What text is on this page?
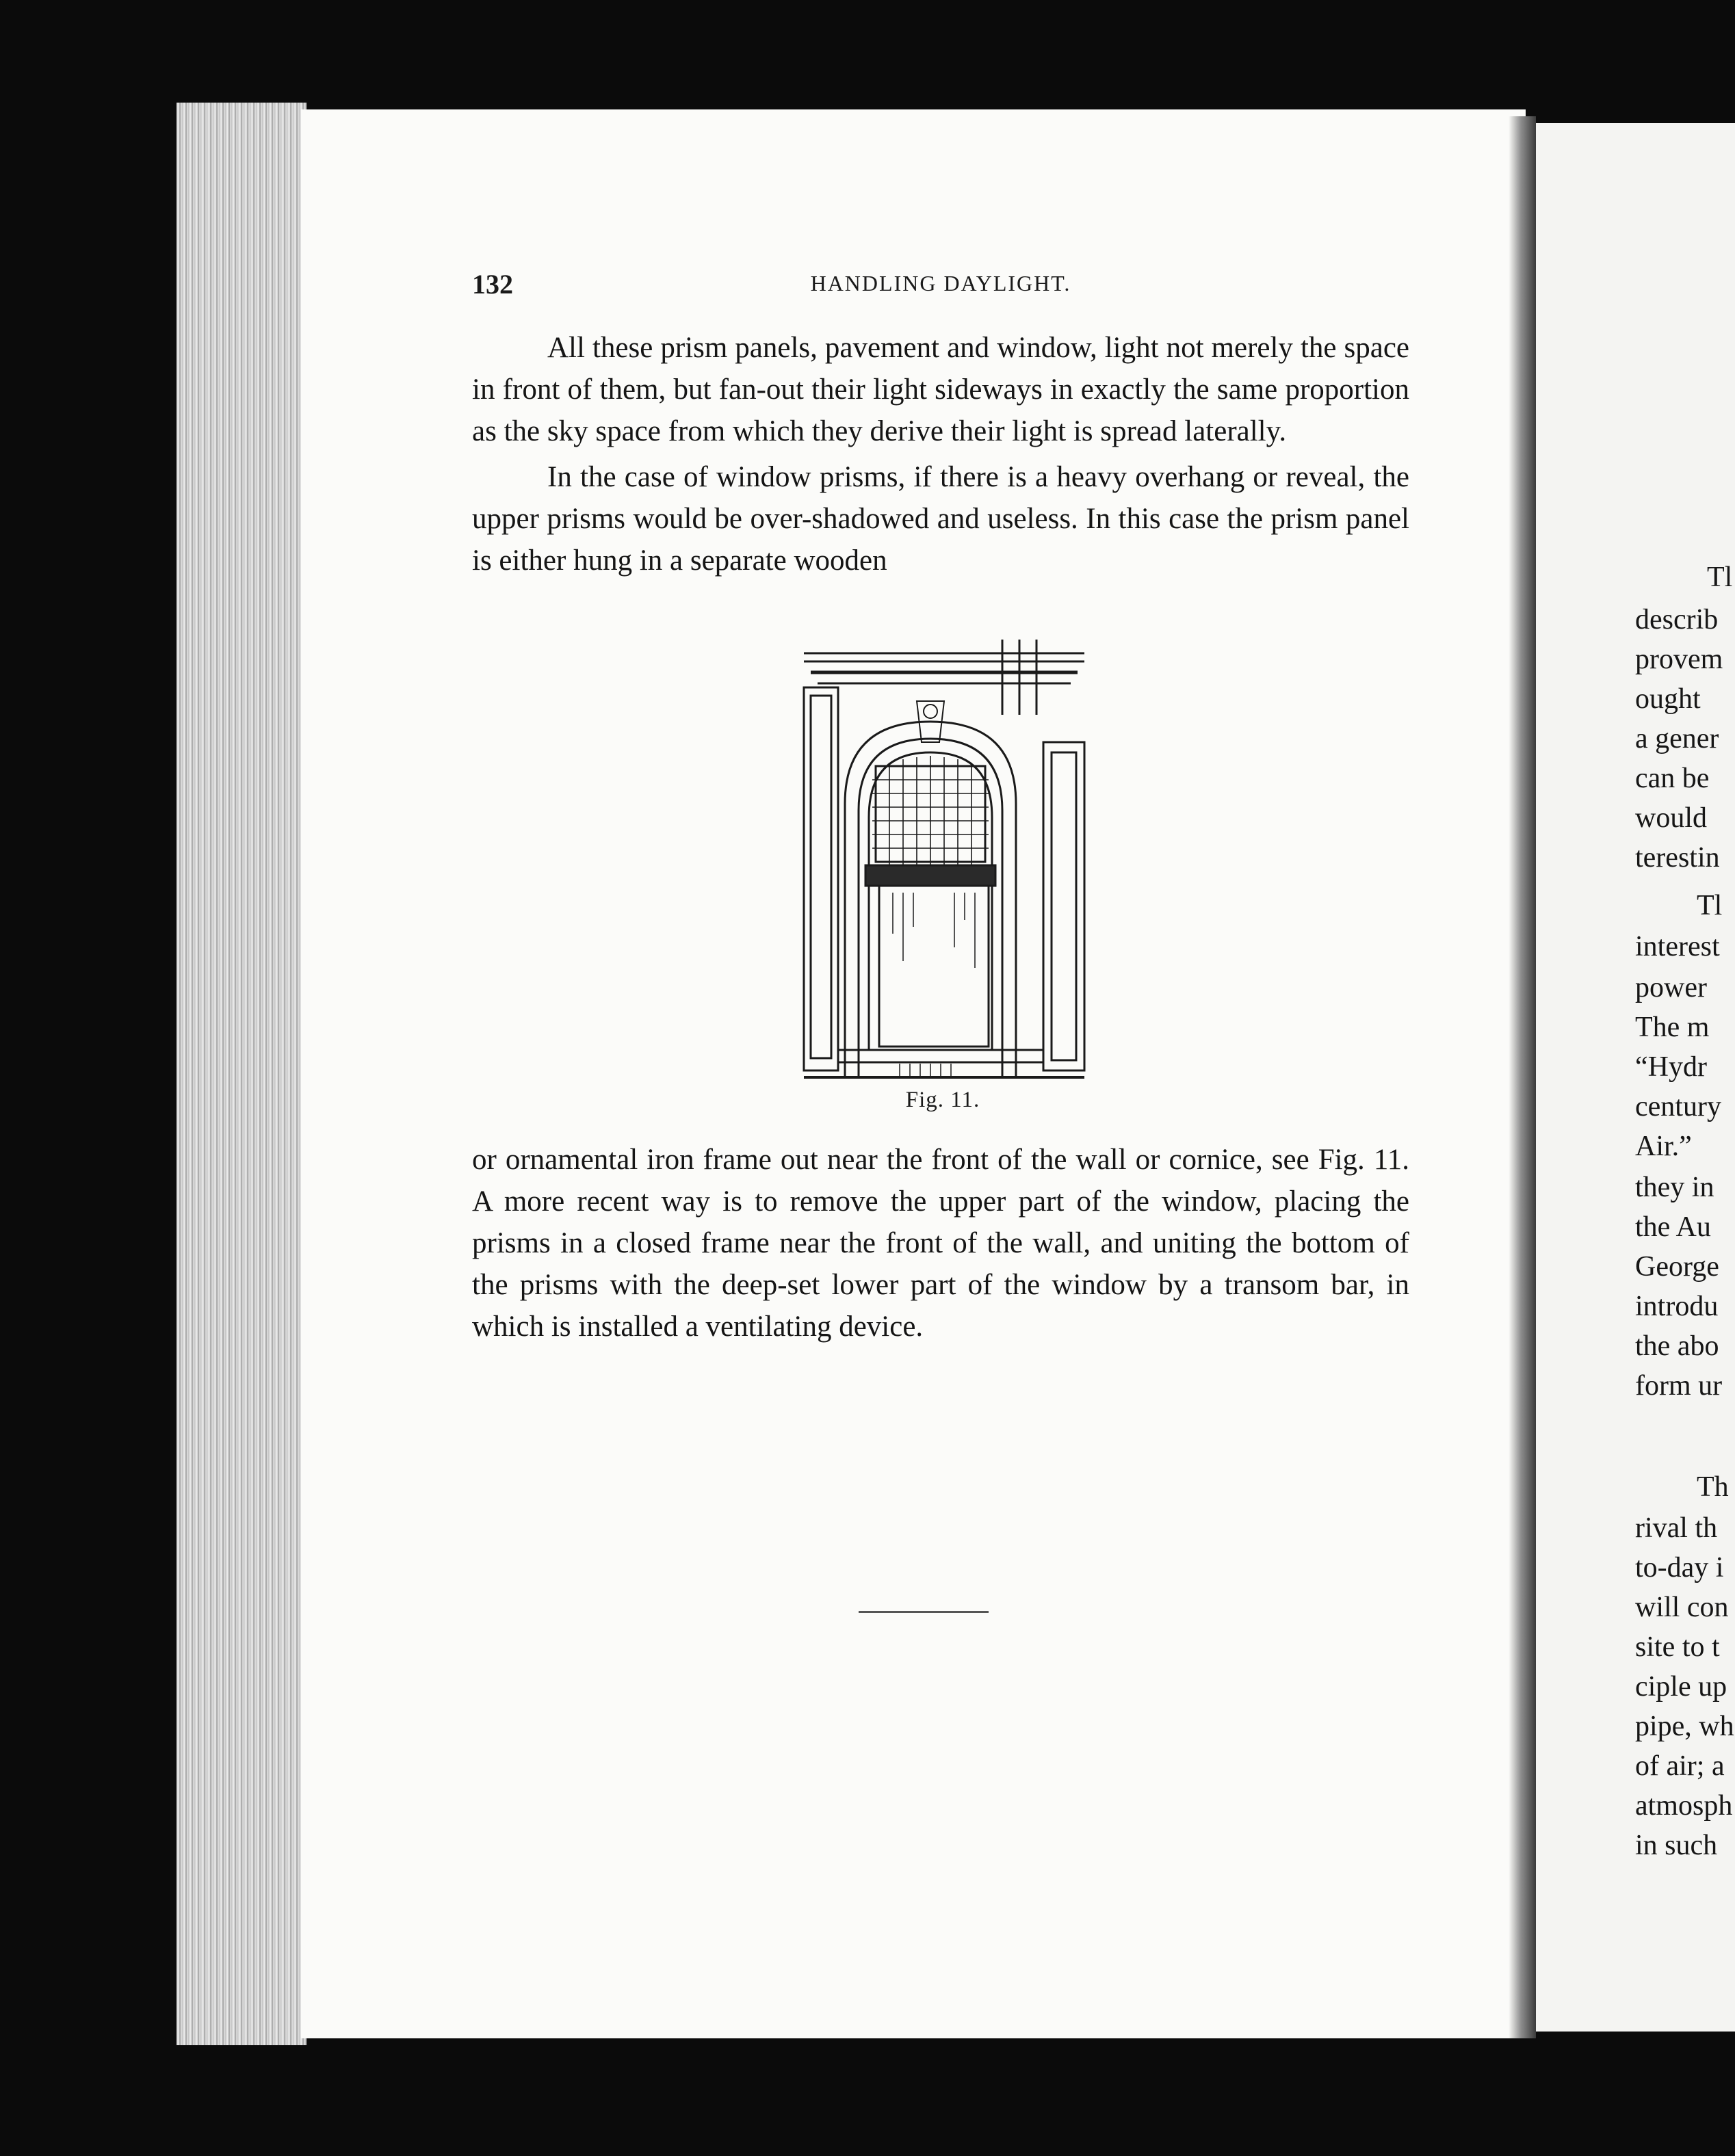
132	HANDLING DAYLIGHT.

All these prism panels, pavement and window, light not merely the space in front of them, but fan-out their light sideways in exactly the same proportion as the sky space from which they derive their light is spread laterally.

In the case of window prisms, if there is a heavy overhang or reveal, the upper prisms would be over-shadowed and useless. In this case the prism panel is either hung in a separate wooden

Fig. 11.

or ornamental iron frame out near the front of the wall or cornice, see Fig. 11. A more recent way is to remove the upper part of the window, placing the prisms in a closed frame near the front of the wall, and uniting the bottom of the prisms with the deep-set lower part of the window by a transom bar, in which is installed a ventilating device.

Tl
describ
provem
ought
a gener
can be
would
terestin
Tl
interest
power
The m
“Hydr
century
Air.”
they in
the Au
George
introdu
the abo
form ur
Th
rival th
to-day i
will con
site to t
ciple up
pipe, wh
of air; a
atmosph
in such
